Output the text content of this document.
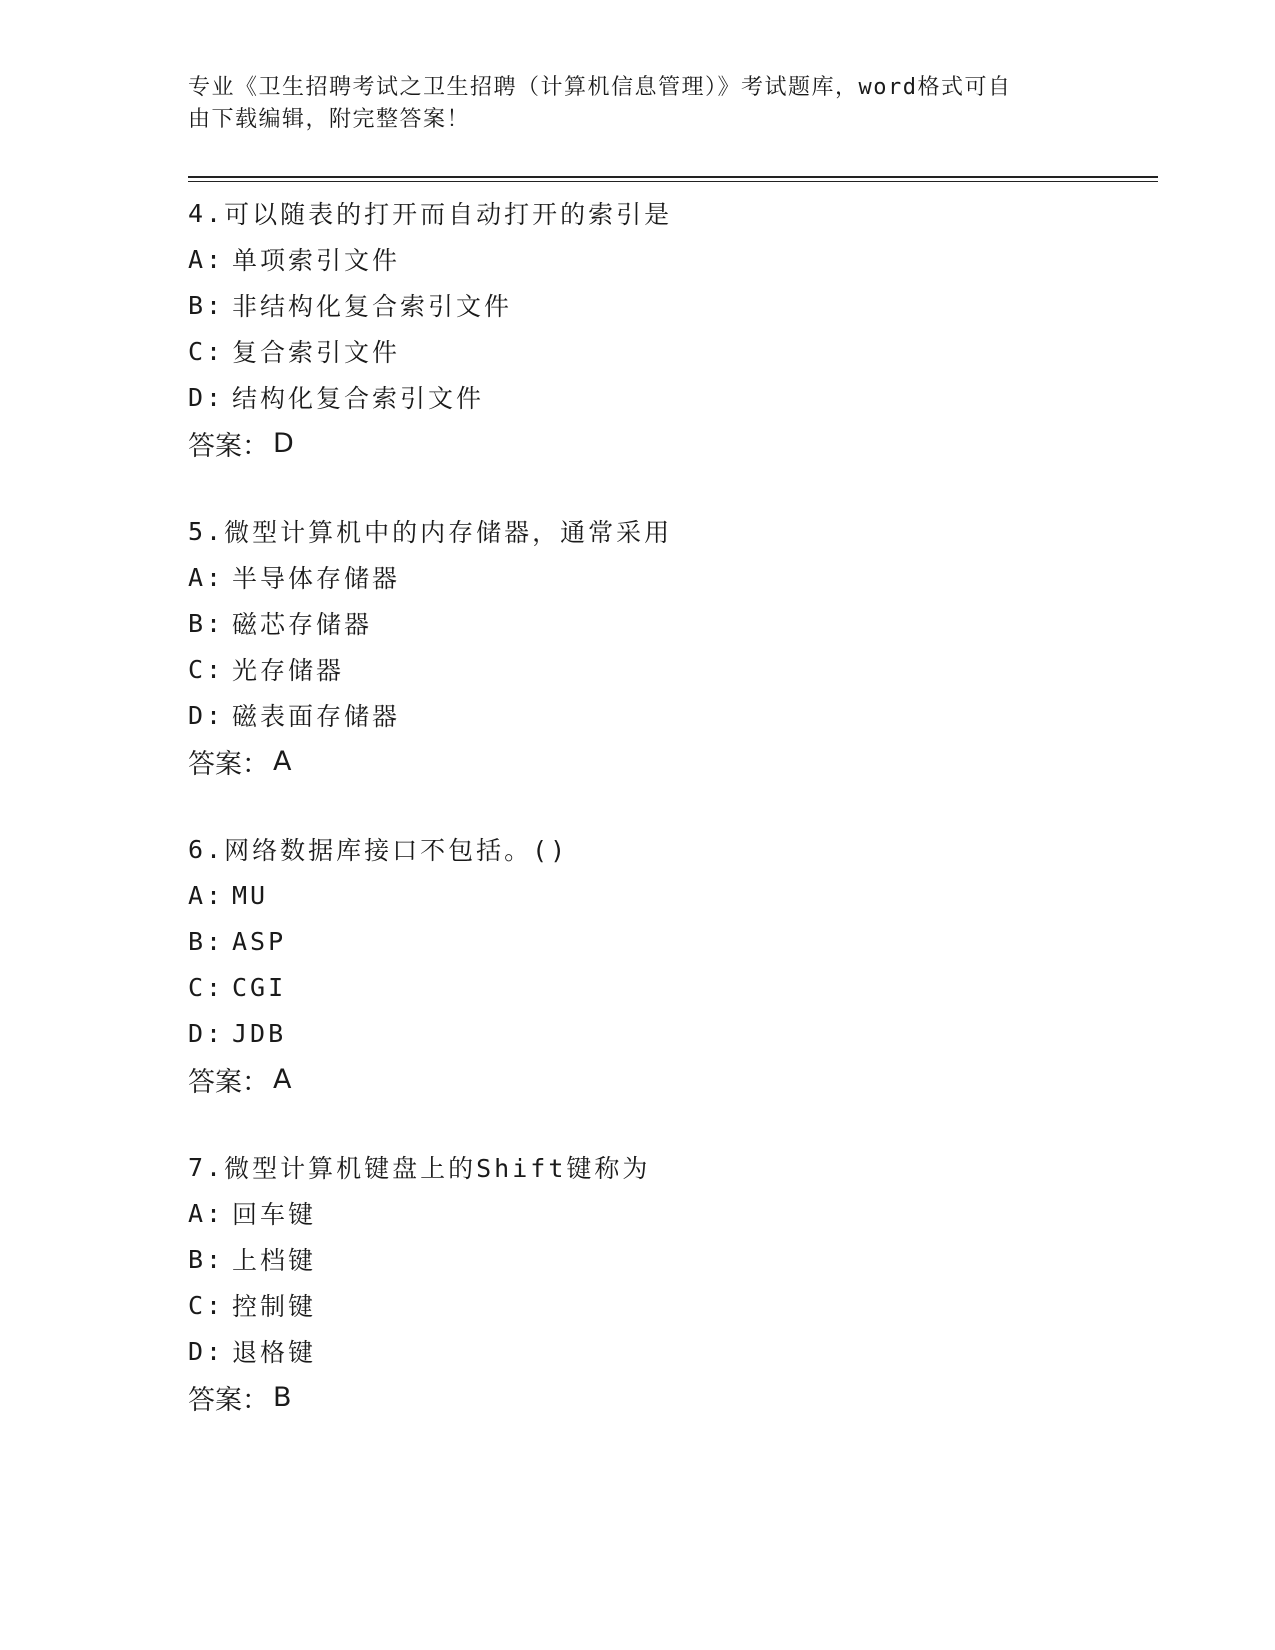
专业《卫生招聘考试之卫生招聘（计算机信息管理）》考试题库，word格式可自
由下载编辑，附完整答案！
4. 可以随表的打开而自动打开的索引是
A: 单项索引文件
B: 非结构化复合索引文件
C: 复合索引文件
D: 结构化复合索引文件
答案： D
5. 微型计算机中的内存储器，通常采用
A: 半导体存储器
B: 磁芯存储器
C: 光存储器
D: 磁表面存储器
答案： A
6. 网络数据库接口不包括。()
A: MU
B: ASP
C: CGI
D: JDB
答案： A
7. 微型计算机键盘上的Shift键称为
A: 回车键
B: 上档键
C: 控制键
D: 退格键
答案： B
